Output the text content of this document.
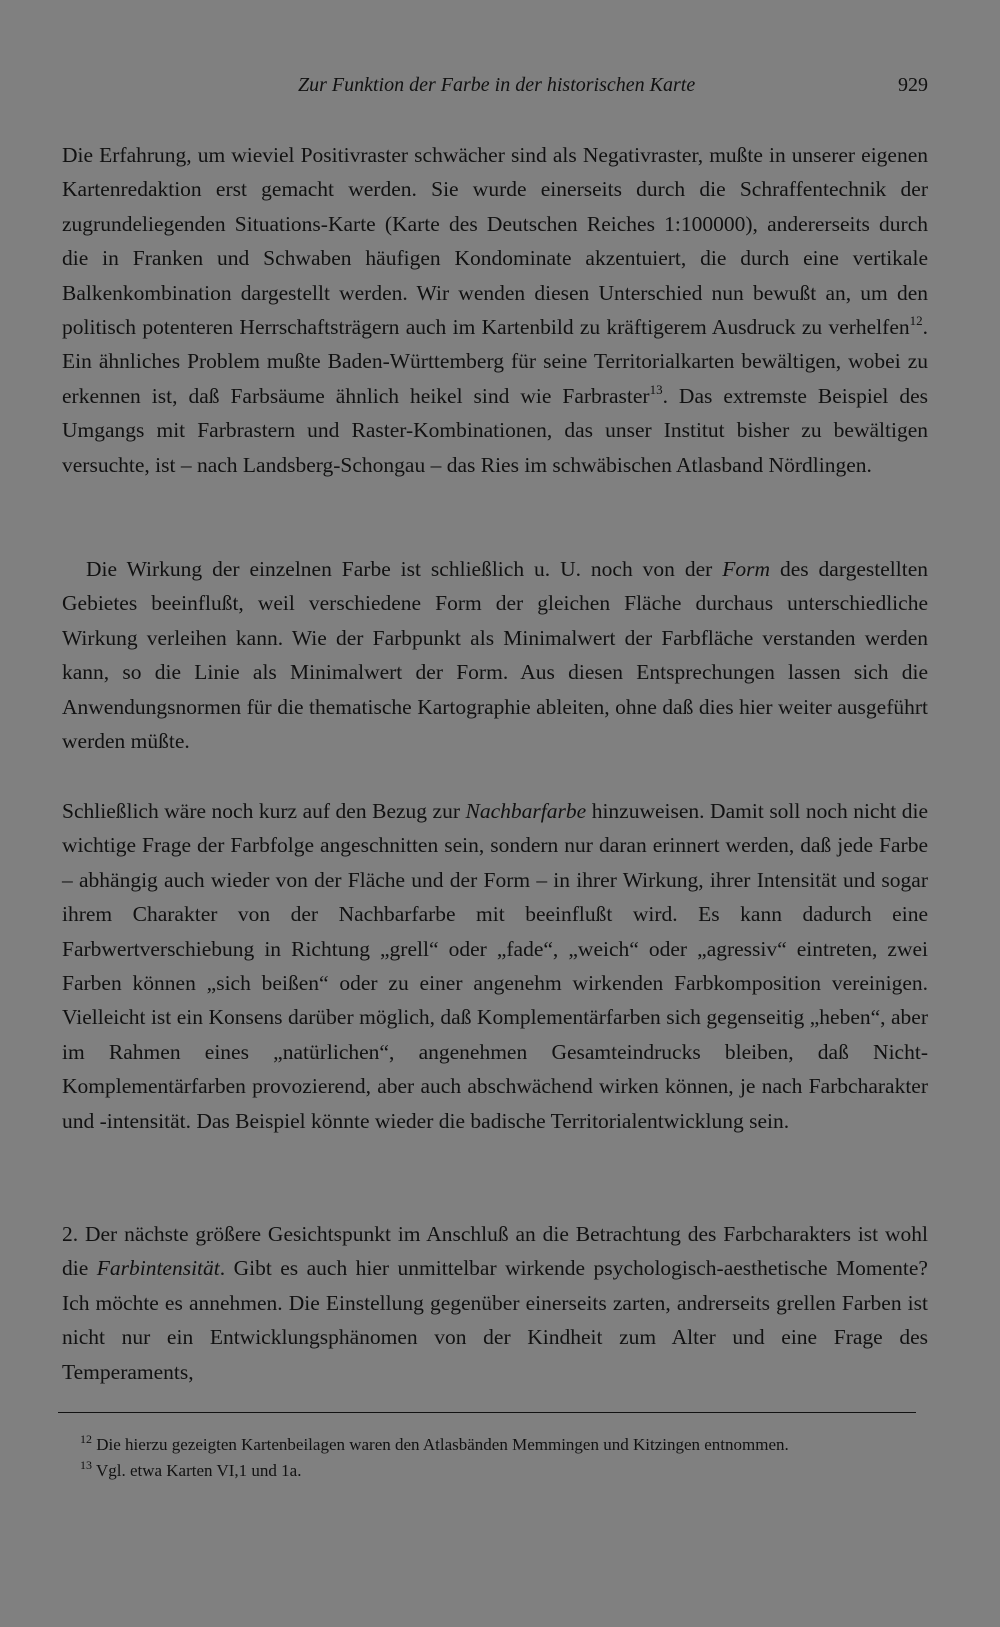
Zur Funktion der Farbe in der historischen Karte	929

Die Erfahrung, um wieviel Positivraster schwächer sind als Negativraster, mußte in unserer eigenen Kartenredaktion erst gemacht werden. Sie wurde einerseits durch die Schraffentechnik der zugrundeliegenden Situations-Karte (Karte des Deutschen Reiches 1:100000), andererseits durch die in Franken und Schwaben häufigen Kondominate akzentuiert, die durch eine vertikale Balkenkombination dargestellt werden. Wir wenden diesen Unterschied nun bewußt an, um den politisch potenteren Herrschaftsträgern auch im Kartenbild zu kräftigerem Ausdruck zu verhelfen$^{12}$. Ein ähnliches Problem mußte Baden-Württemberg für seine Territorialkarten bewältigen, wobei zu erkennen ist, daß Farbsäume ähnlich heikel sind wie Farbraster$^{13}$. Das extremste Beispiel des Umgangs mit Farbrastern und Raster-Kombinationen, das unser Institut bisher zu bewältigen versuchte, ist – nach Landsberg-Schongau – das Ries im schwäbischen Atlasband Nördlingen.

Die Wirkung der einzelnen Farbe ist schließlich u. U. noch von der Form des dargestellten Gebietes beeinflußt, weil verschiedene Form der gleichen Fläche durchaus unterschiedliche Wirkung verleihen kann. Wie der Farbpunkt als Minimalwert der Farbfläche verstanden werden kann, so die Linie als Minimalwert der Form. Aus diesen Entsprechungen lassen sich die Anwendungsnormen für die thematische Kartographie ableiten, ohne daß dies hier weiter ausgeführt werden müßte.

Schließlich wäre noch kurz auf den Bezug zur Nachbarfarbe hinzuweisen. Damit soll noch nicht die wichtige Frage der Farbfolge angeschnitten sein, sondern nur daran erinnert werden, daß jede Farbe – abhängig auch wieder von der Fläche und der Form – in ihrer Wirkung, ihrer Intensität und sogar ihrem Charakter von der Nachbarfarbe mit beeinflußt wird. Es kann dadurch eine Farbwertverschiebung in Richtung „grell“ oder „fade“, „weich“ oder „agressiv“ eintreten, zwei Farben können „sich beißen“ oder zu einer angenehm wirkenden Farbkomposition vereinigen. Vielleicht ist ein Konsens darüber möglich, daß Komplementärfarben sich gegenseitig „heben“, aber im Rahmen eines „natürlichen“, angenehmen Gesamteindrucks bleiben, daß Nicht-Komplementärfarben provozierend, aber auch abschwächend wirken können, je nach Farbcharakter und -intensität. Das Beispiel könnte wieder die badische Territorialentwicklung sein.

2. Der nächste größere Gesichtspunkt im Anschluß an die Betrachtung des Farbcharakters ist wohl die Farbintensität. Gibt es auch hier unmittelbar wirkende psychologisch-aesthetische Momente? Ich möchte es annehmen. Die Einstellung gegenüber einerseits zarten, andrerseits grellen Farben ist nicht nur ein Entwicklungsphänomen von der Kindheit zum Alter und eine Frage des Temperaments,

$^{12}$ Die hierzu gezeigten Kartenbeilagen waren den Atlasbänden Memmingen und Kitzingen entnommen.

$^{13}$ Vgl. etwa Karten VI,1 und 1a.
